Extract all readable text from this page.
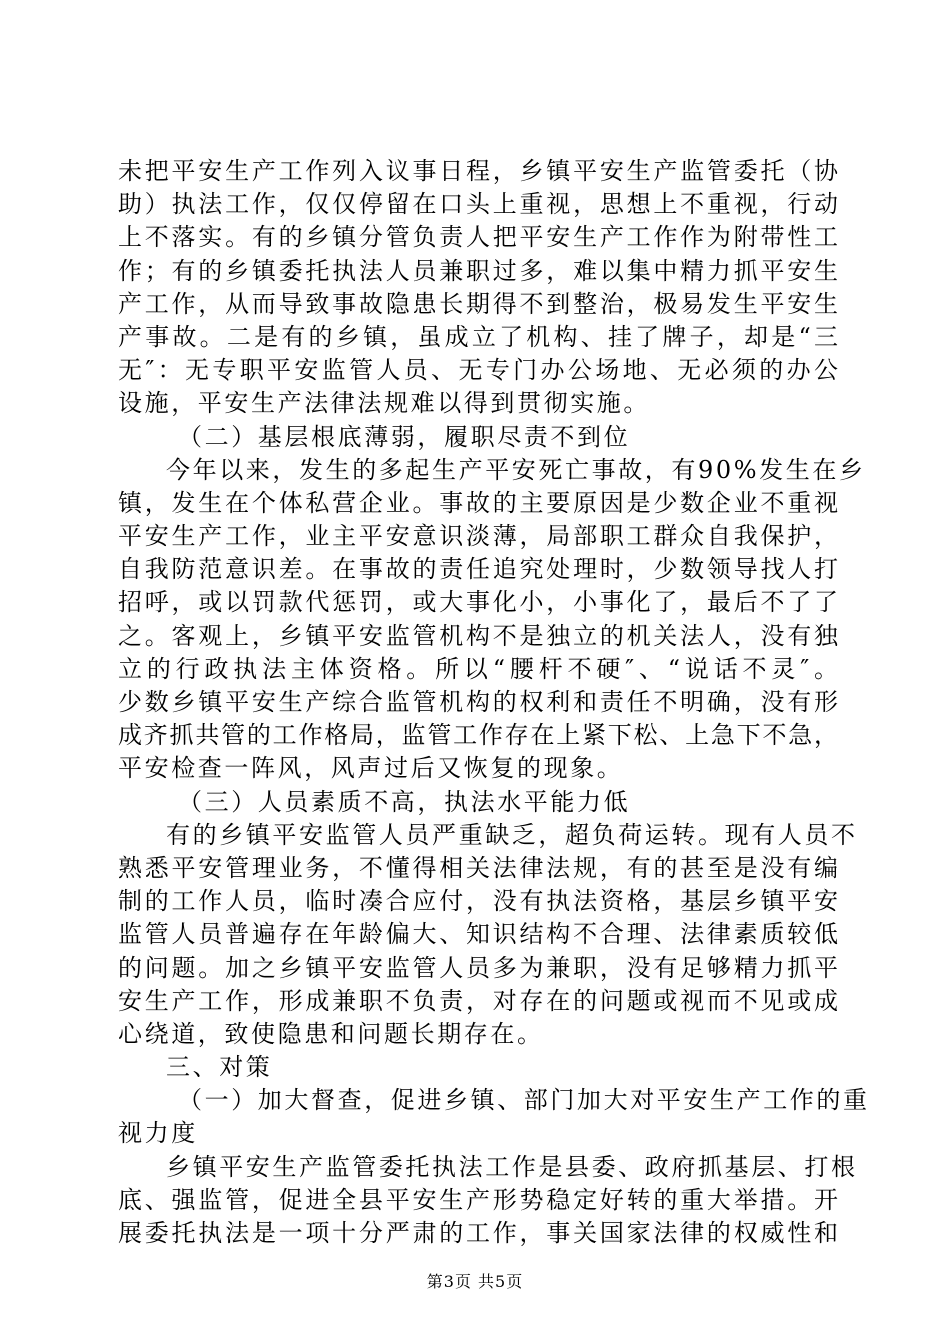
未把平安生产工作列入议事日程，乡镇平安生产监管委托（协
助）执法工作，仅仅停留在口头上重视，思想上不重视，行动
上不落实。有的乡镇分管负责人把平安生产工作作为附带性工
作；有的乡镇委托执法人员兼职过多，难以集中精力抓平安生
产工作，从而导致事故隐患长期得不到整治，极易发生平安生
产事故。二是有的乡镇，虽成立了机构、挂了牌子，却是“三
无″：无专职平安监管人员、无专门办公场地、无必须的办公
设施，平安生产法律法规难以得到贯彻实施。
（二）基层根底薄弱，履职尽责不到位
今年以来，发生的多起生产平安死亡事故，有90%发生在乡
镇，发生在个体私营企业。事故的主要原因是少数企业不重视
平安生产工作，业主平安意识淡薄，局部职工群众自我保护，
自我防范意识差。在事故的责任追究处理时，少数领导找人打
招呼，或以罚款代惩罚，或大事化小，小事化了，最后不了了
之。客观上，乡镇平安监管机构不是独立的机关法人，没有独
立的行政执法主体资格。所以“腰杆不硬″、“说话不灵″。
少数乡镇平安生产综合监管机构的权利和责任不明确，没有形
成齐抓共管的工作格局，监管工作存在上紧下松、上急下不急，
平安检查一阵风，风声过后又恢复的现象。
（三）人员素质不高，执法水平能力低
有的乡镇平安监管人员严重缺乏，超负荷运转。现有人员不
熟悉平安管理业务，不懂得相关法律法规，有的甚至是没有编
制的工作人员，临时凑合应付，没有执法资格，基层乡镇平安
监管人员普遍存在年龄偏大、知识结构不合理、法律素质较低
的问题。加之乡镇平安监管人员多为兼职，没有足够精力抓平
安生产工作，形成兼职不负责，对存在的问题或视而不见或成
心绕道，致使隐患和问题长期存在。
三、对策
（一）加大督查，促进乡镇、部门加大对平安生产工作的重
视力度
乡镇平安生产监管委托执法工作是县委、政府抓基层、打根
底、强监管，促进全县平安生产形势稳定好转的重大举措。开
展委托执法是一项十分严肃的工作，事关国家法律的权威性和
第3页 共5页
